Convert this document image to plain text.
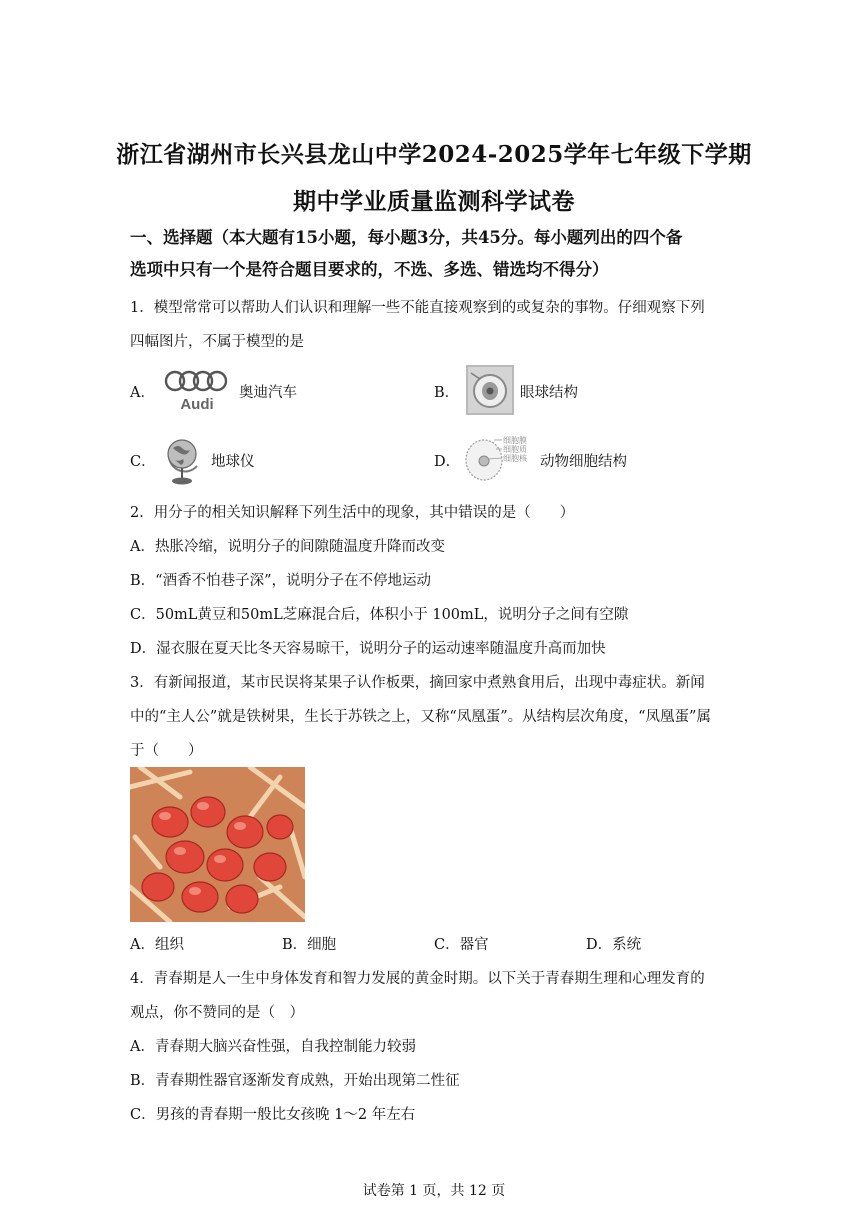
浙江省湖州市长兴县龙山中学2024-2025学年七年级下学期
期中学业质量监测科学试卷
一、选择题（本大题有15小题，每小题3分，共45分。每小题列出的四个备
选项中只有一个是符合题目要求的，不选、多选、错选均不得分）
1．模型常常可以帮助人们认识和理解一些不能直接观察到的或复杂的事物。仔细观察下列
四幅图片，不属于模型的是
A．
Audi
奥迪汽车	B．	眼球结构
C．	地球仪	D．
细胞膜
细胞质
细胞核 动物细胞结构
2．用分子的相关知识解释下列生活中的现象，其中错误的是（　　）
A．热胀冷缩，说明分子的间隙随温度升降而改变
B．“酒香不怕巷子深”，说明分子在不停地运动
C．50mL黄豆和50mL芝麻混合后，体积小于 100mL，说明分子之间有空隙
D．湿衣服在夏天比冬天容易晾干，说明分子的运动速率随温度升高而加快
3．有新闻报道，某市民误将某果子认作板栗，摘回家中煮熟食用后，出现中毒症状。新闻
中的“主人公”就是铁树果，生长于苏铁之上，又称“凤凰蛋”。从结构层次角度，“凤凰蛋”属
于（　　）
A．组织	B．细胞	C．器官	D．系统
4．青春期是人一生中身体发育和智力发展的黄金时期。以下关于青春期生理和心理发育的
观点，你不赞同的是（　）
A．青春期大脑兴奋性强，自我控制能力较弱
B．青春期性器官逐渐发育成熟，开始出现第二性征
C．男孩的青春期一般比女孩晚 1～2 年左右
试卷第 1 页，共 12 页
